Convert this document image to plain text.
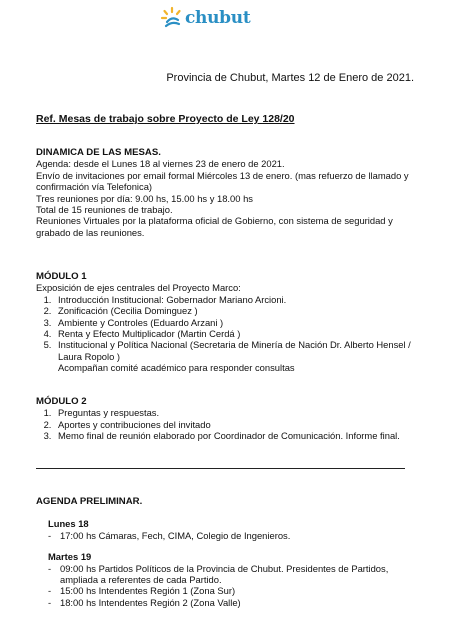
chubut
Provincia de Chubut, Martes 12 de Enero de 2021.
Ref. Mesas de trabajo sobre Proyecto de Ley 128/20
DINAMICA DE LAS MESAS.
Agenda: desde el Lunes 18 al viernes 23 de enero de 2021.
Envío de invitaciones por email formal Miércoles 13 de enero. (mas refuerzo de llamado y confirmación vía Telefonica)
Tres reuniones por día: 9.00 hs, 15.00 hs y 18.00 hs
Total de 15 reuniones de trabajo.
Reuniones Virtuales por la plataforma oficial de Gobierno, con sistema de seguridad y grabado de las reuniones.
MÓDULO 1
Exposición de ejes centrales del Proyecto Marco:
1. Introducción Institucional: Gobernador Mariano Arcioni.
2. Zonificación (Cecilia Dominguez )
3. Ambiente y Controles (Eduardo Arzani )
4. Renta y Efecto Multiplicador (Martin Cerdá )
5. Institucional y Política Nacional (Secretaria de Minería de Nación Dr. Alberto Hensel / Laura Ropolo )
Acompañan comité académico para responder consultas
MÓDULO 2
1. Preguntas y respuestas.
2. Aportes y contribuciones del invitado
3. Memo final de reunión elaborado por Coordinador de Comunicación. Informe final.
AGENDA PRELIMINAR.
Lunes 18
- 17:00 hs Cámaras, Fech, CIMA, Colegio de Ingenieros.
Martes 19
- 09:00 hs Partidos Políticos de la Provincia de Chubut. Presidentes de Partidos, ampliada a referentes de cada Partido.
- 15:00 hs Intendentes Región 1 (Zona Sur)
- 18:00 hs Intendentes Región 2 (Zona Valle)
